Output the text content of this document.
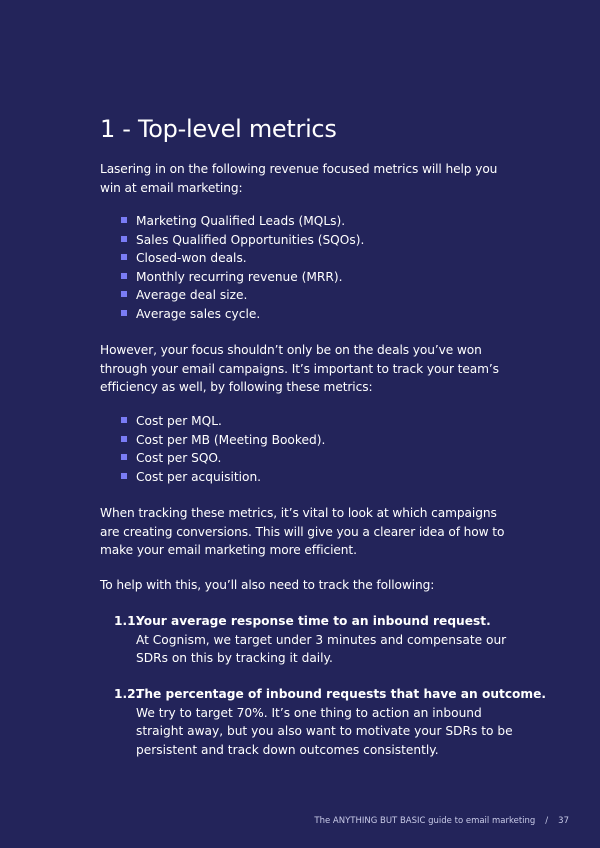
1 - Top-level metrics

Lasering in on the following revenue focused metrics will help you win at email marketing:

Marketing Qualified Leads (MQLs).
Sales Qualified Opportunities (SQOs).
Closed-won deals.
Monthly recurring revenue (MRR).
Average deal size.
Average sales cycle.

However, your focus shouldn’t only be on the deals you’ve won through your email campaigns. It’s important to track your team’s efficiency as well, by following these metrics:

Cost per MQL.
Cost per MB (Meeting Booked).
Cost per SQO.
Cost per acquisition.

When tracking these metrics, it’s vital to look at which campaigns are creating conversions. This will give you a clearer idea of how to make your email marketing more efficient.

To help with this, you’ll also need to track the following:

1.1.Your average response time to an inbound request.
At Cognism, we target under 3 minutes and compensate our SDRs on this by tracking it daily.
1.2.The percentage of inbound requests that have an outcome.
We try to target 70%. It’s one thing to action an inbound straight away, but you also want to motivate your SDRs to be persistent and track down outcomes consistently.
The ANYTHING BUT BASIC guide to email marketing / 37
